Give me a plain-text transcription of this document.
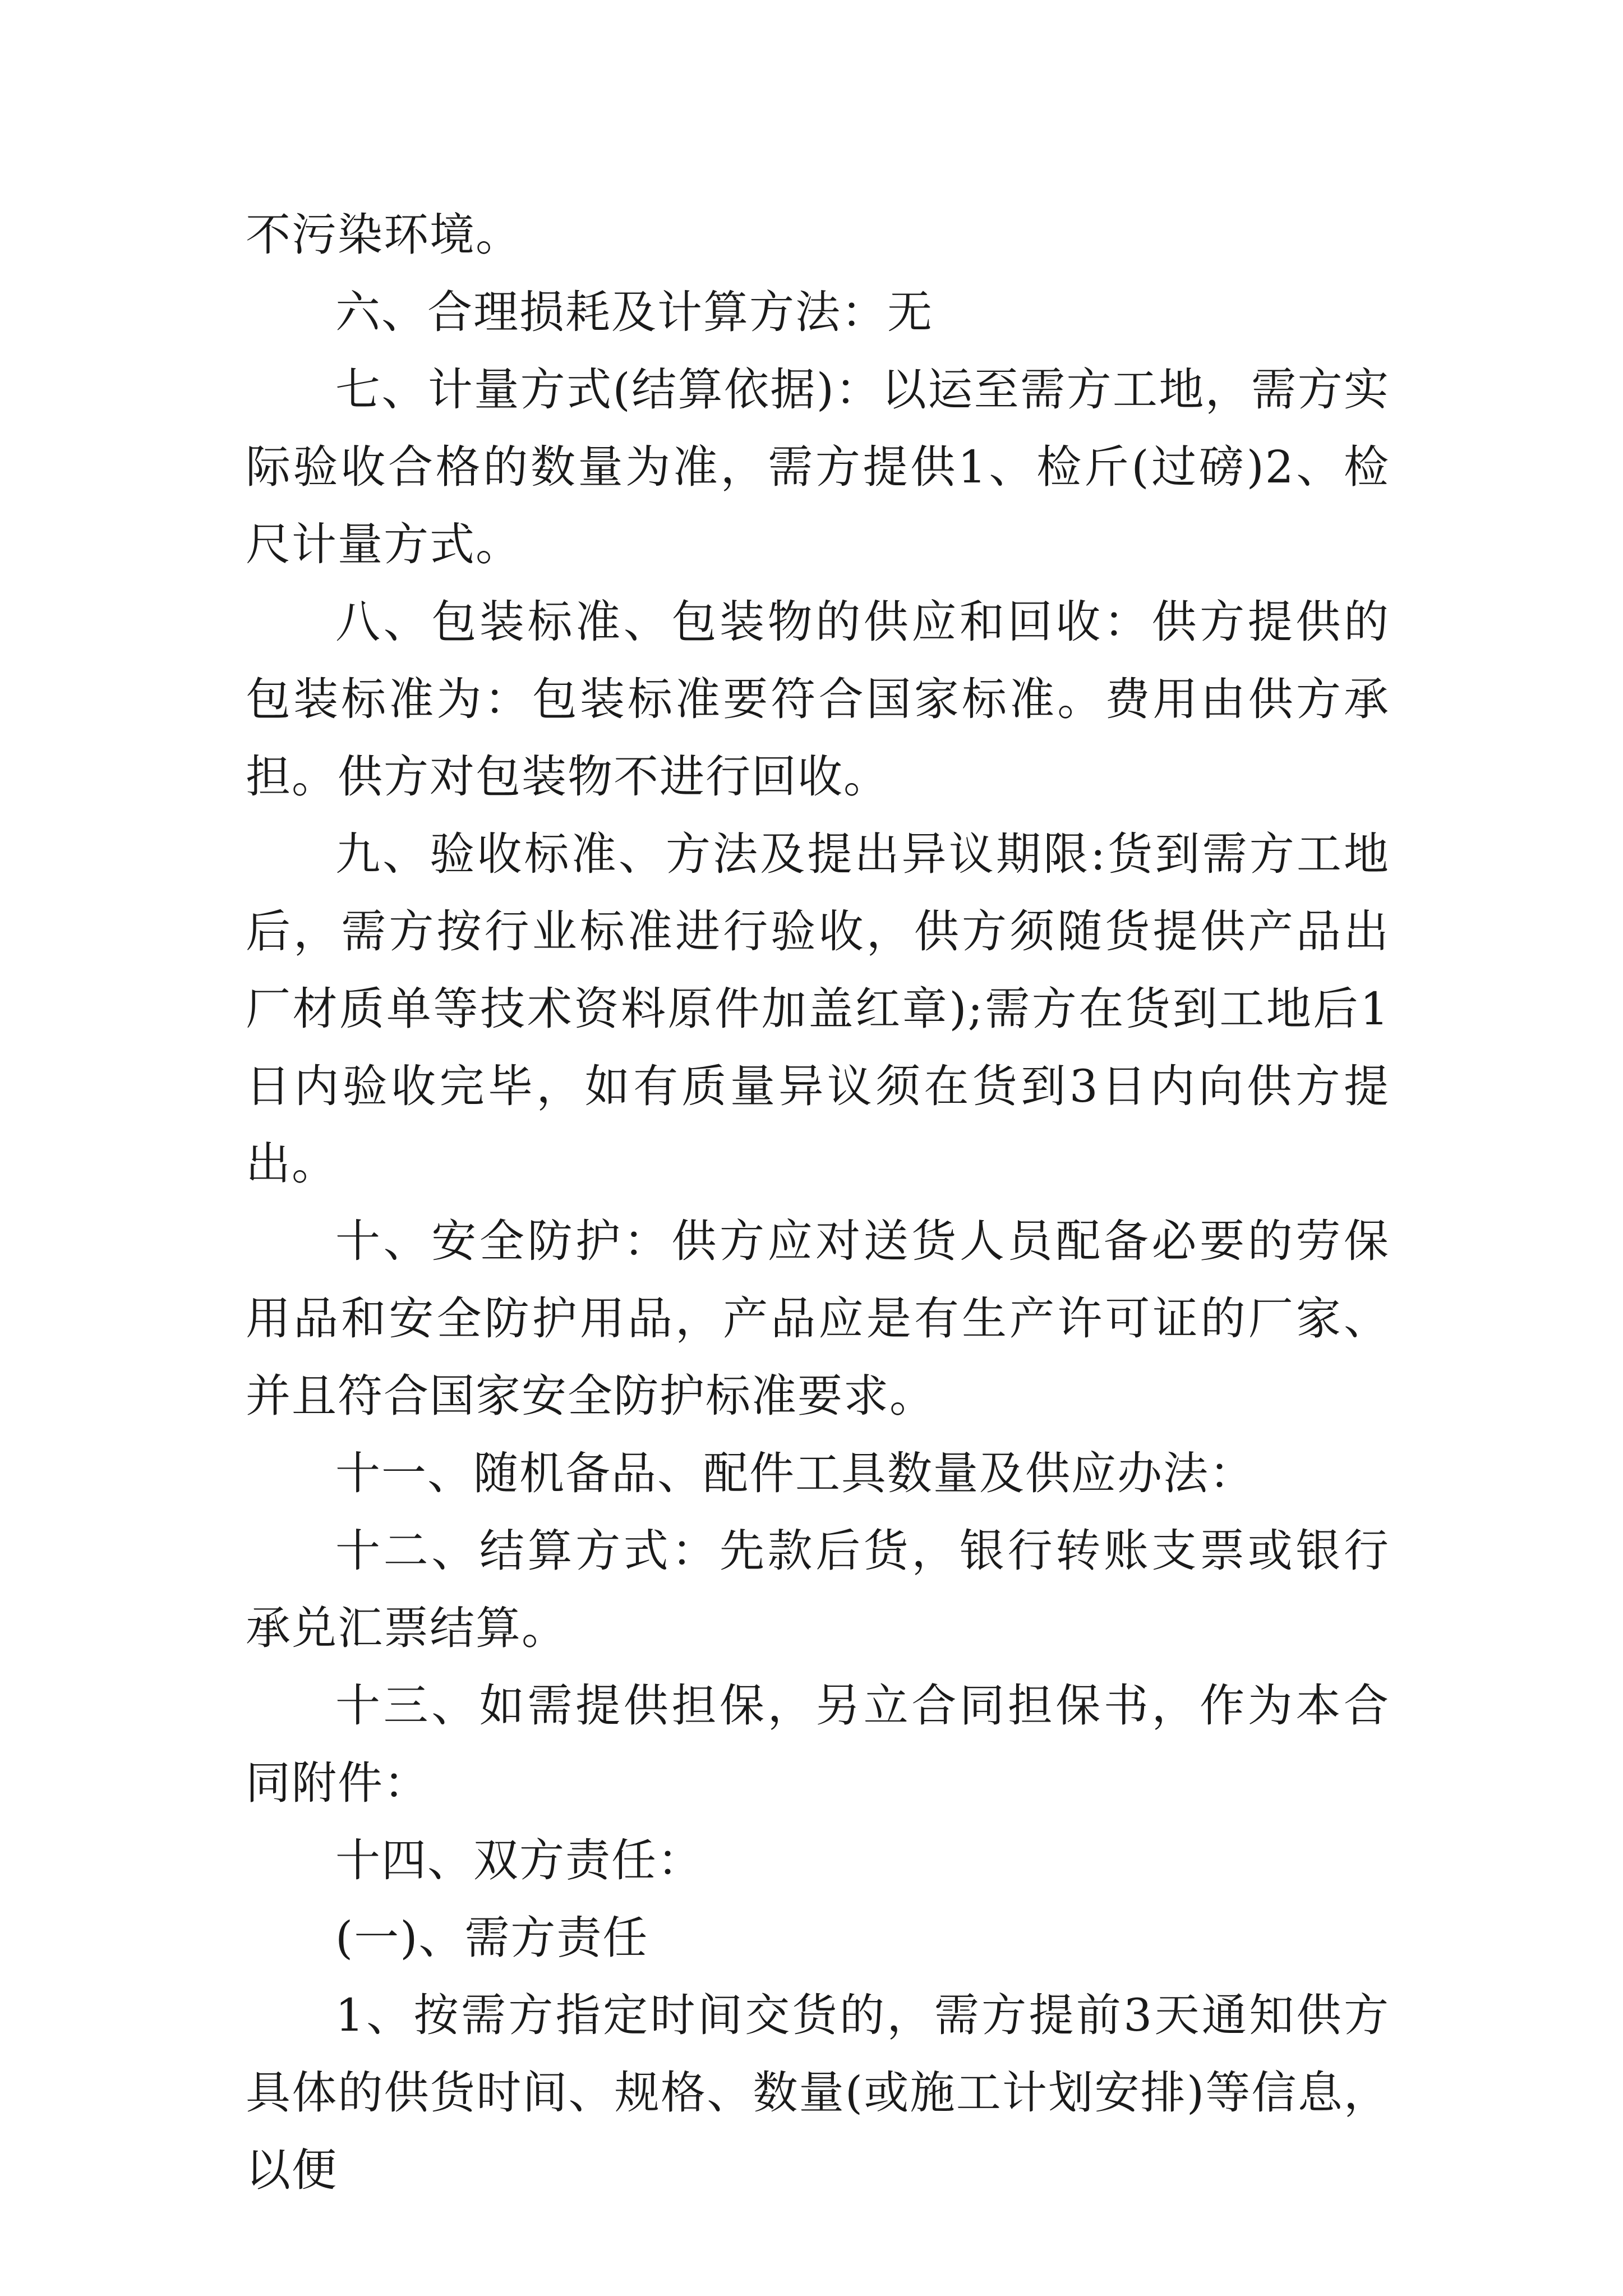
不污染环境。

六、合理损耗及计算方法：无

七、计量方式(结算依据)：以运至需方工地，需方实际验收合格的数量为准，需方提供1、检斤(过磅)2、检尺计量方式。

八、包装标准、包装物的供应和回收：供方提供的包装标准为：包装标准要符合国家标准。费用由供方承担。供方对包装物不进行回收。

九、验收标准、方法及提出异议期限:货到需方工地后，需方按行业标准进行验收，供方须随货提供产品出厂材质单等技术资料原件加盖红章);需方在货到工地后1日内验收完毕，如有质量异议须在货到3日内向供方提出。

十、安全防护：供方应对送货人员配备必要的劳保用品和安全防护用品，产品应是有生产许可证的厂家、并且符合国家安全防护标准要求。

十一、随机备品、配件工具数量及供应办法：

十二、结算方式：先款后货，银行转账支票或银行承兑汇票结算。

十三、如需提供担保，另立合同担保书，作为本合同附件：

十四、双方责任：

(一)、需方责任

1、按需方指定时间交货的，需方提前3天通知供方具体的供货时间、规格、数量(或施工计划安排)等信息，以便
